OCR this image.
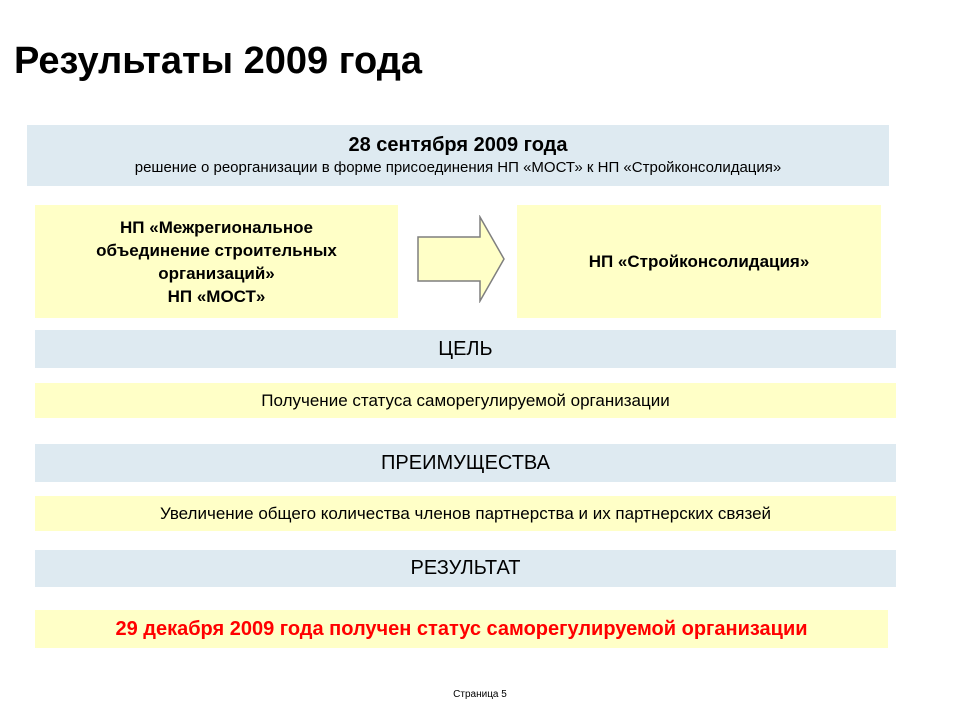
Результаты 2009 года
28 сентября 2009 года
решение о реорганизации в форме присоединения НП «МОСТ» к НП «Стройконсолидация»
НП «Межрегиональное
объединение строительных
организаций»
НП «МОСТ»
НП «Стройконсолидация»
ЦЕЛЬ
Получение статуса саморегулируемой организации
ПРЕИМУЩЕСТВА
Увеличение общего количества членов партнерства и их партнерских связей
РЕЗУЛЬТАТ
29 декабря 2009 года получен статус саморегулируемой организации
Страница 5
